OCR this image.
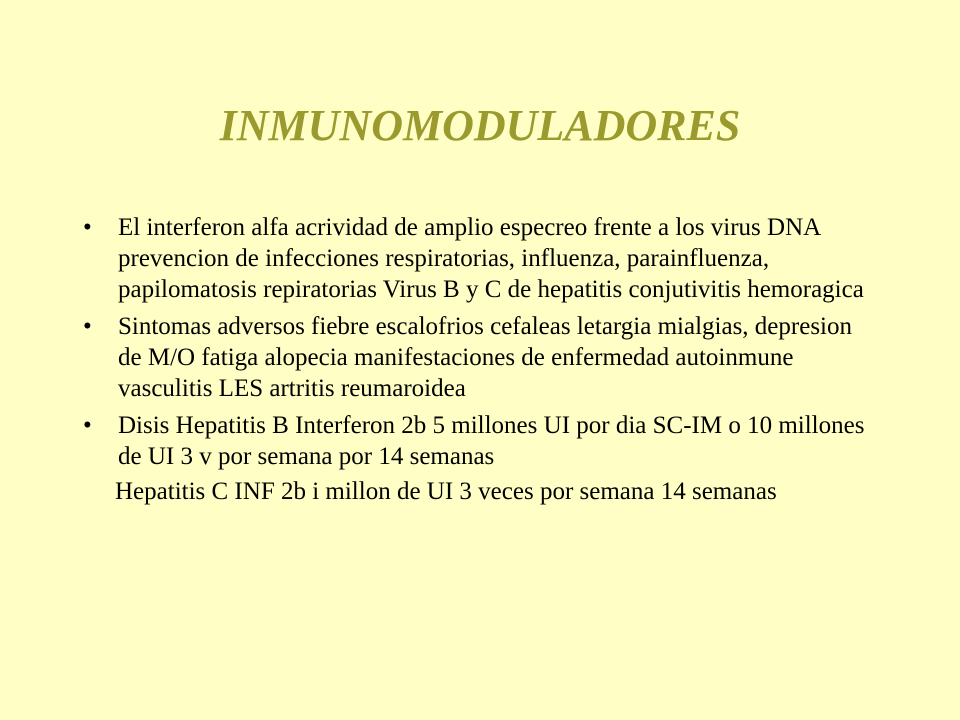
INMUNOMODULADORES
• El interferon alfa acrividad de amplio especreo frente a los virus DNA prevencion de infecciones respiratorias, influenza, parainfluenza, papilomatosis repiratorias Virus B y C de hepatitis conjutivitis hemoragica
• Sintomas adversos fiebre escalofrios cefaleas letargia mialgias, depresion de M/O fatiga alopecia manifestaciones de enfermedad autoinmune vasculitis LES artritis reumaroidea
• Disis Hepatitis B Interferon 2b 5 millones UI por dia SC-IM o 10 millones de UI 3 v por semana por 14 semanas
Hepatitis C INF 2b i millon de UI 3 veces por semana 14 semanas
